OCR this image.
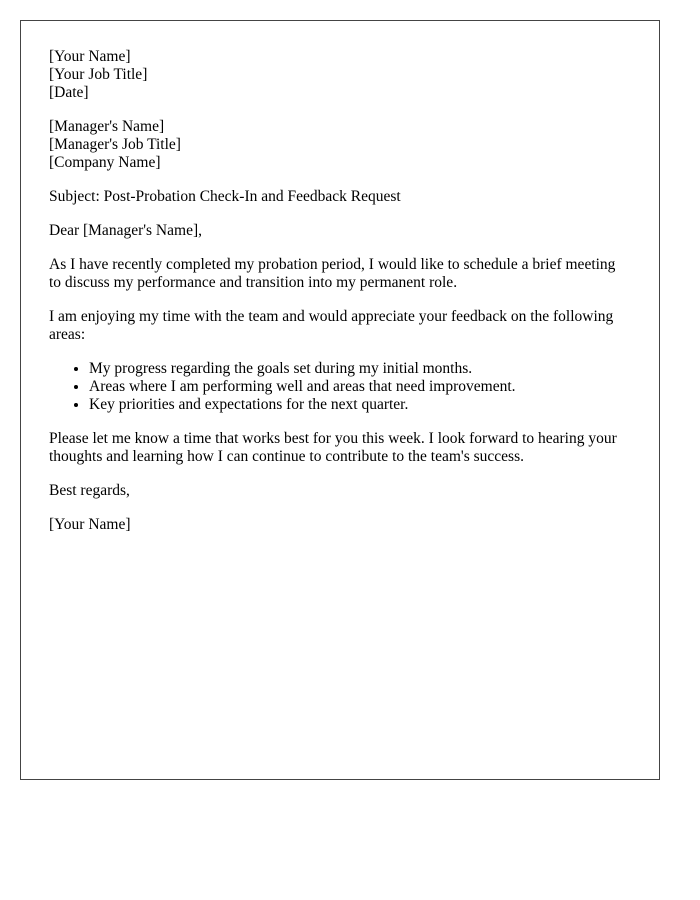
[Your Name]
[Your Job Title]
[Date]
[Manager's Name]
[Manager's Job Title]
[Company Name]

Subject: Post-Probation Check-In and Feedback Request

Dear [Manager's Name],

As I have recently completed my probation period, I would like to schedule a brief meeting to discuss my performance and transition into my permanent role.

I am enjoying my time with the team and would appreciate your feedback on the following areas:

• My progress regarding the goals set during my initial months.
• Areas where I am performing well and areas that need improvement.
• Key priorities and expectations for the next quarter.

Please let me know a time that works best for you this week. I look forward to hearing your thoughts and learning how I can continue to contribute to the team's success.

Best regards,

[Your Name]
